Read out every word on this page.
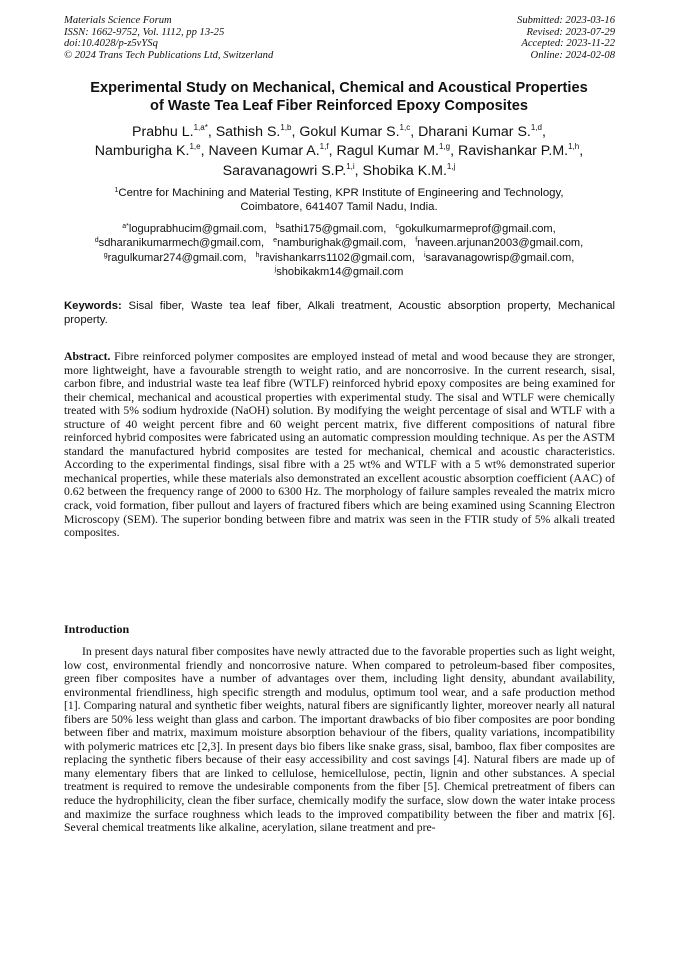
Materials Science Forum
ISSN: 1662-9752, Vol. 1112, pp 13-25
doi:10.4028/p-z5vYSq
© 2024 Trans Tech Publications Ltd, Switzerland
Submitted: 2023-03-16
Revised: 2023-07-29
Accepted: 2023-11-22
Online: 2024-02-08
Experimental Study on Mechanical, Chemical and Acoustical Properties
of Waste Tea Leaf Fiber Reinforced Epoxy Composites
Prabhu L.$^{1,a*}$, Sathish S.$^{1,b}$, Gokul Kumar S.$^{1,c}$, Dharani Kumar S.$^{1,d}$,
Namburigha K.$^{1,e}$, Naveen Kumar A.$^{1,f}$, Ragul Kumar M.$^{1,g}$, Ravishankar P.M.$^{1,h}$,
Saravanagowri S.P.$^{1,i}$, Shobika K.M.$^{1,j}$
$^1$Centre for Machining and Material Testing, KPR Institute of Engineering and Technology,
Coimbatore, 641407 Tamil Nadu, India.
$^{a*}$loguprabhucim@gmail.com, $^b$sathi175@gmail.com, $^c$gokulkumarmeprof@gmail.com,
$^d$sdharanikumarmech@gmail.com, $^e$namburighak@gmail.com, $^f$naveen.arjunan2003@gmail.com,
$^g$ragulkumar274@gmail.com, $^h$ravishankarrs1102@gmail.com, $^i$saravanagowrisp@gmail.com,
$^j$shobikakm14@gmail.com
Keywords: Sisal fiber, Waste tea leaf fiber, Alkali treatment, Acoustic absorption property, Mechanical property.
Abstract. Fibre reinforced polymer composites are employed instead of metal and wood because they are stronger, more lightweight, have a favourable strength to weight ratio, and are noncorrosive. In the current research, sisal, carbon fibre, and industrial waste tea leaf fibre (WTLF) reinforced hybrid epoxy composites are being examined for their chemical, mechanical and acoustical properties with experimental study. The sisal and WTLF were chemically treated with 5% sodium hydroxide (NaOH) solution. By modifying the weight percentage of sisal and WTLF with a structure of 40 weight percent fibre and 60 weight percent matrix, five different compositions of natural fibre reinforced hybrid composites were fabricated using an automatic compression moulding technique. As per the ASTM standard the manufactured hybrid composites are tested for mechanical, chemical and acoustic characteristics. According to the experimental findings, sisal fibre with a 25 wt% and WTLF with a 5 wt% demonstrated superior mechanical properties, while these materials also demonstrated an excellent acoustic absorption coefficient (AAC) of 0.62 between the frequency range of 2000 to 6300 Hz. The morphology of failure samples revealed the matrix micro crack, void formation, fiber pullout and layers of fractured fibers which are being examined using Scanning Electron Microscopy (SEM). The superior bonding between fibre and matrix was seen in the FTIR study of 5% alkali treated composites.
Introduction
In present days natural fiber composites have newly attracted due to the favorable properties such as light weight, low cost, environmental friendly and noncorrosive nature. When compared to petroleum-based fiber composites, green fiber composites have a number of advantages over them, including light density, abundant availability, environmental friendliness, high specific strength and modulus, optimum tool wear, and a safe production method [1]. Comparing natural and synthetic fiber weights, natural fibers are significantly lighter, moreover nearly all natural fibers are 50% less weight than glass and carbon. The important drawbacks of bio fiber composites are poor bonding between fiber and matrix, maximum moisture absorption behaviour of the fibers, quality variations, incompatibility with polymeric matrices etc [2,3]. In present days bio fibers like snake grass, sisal, bamboo, flax fiber composites are replacing the synthetic fibers because of their easy accessibility and cost savings [4]. Natural fibers are made up of many elementary fibers that are linked to cellulose, hemicellulose, pectin, lignin and other substances. A special treatment is required to remove the undesirable components from the fiber [5]. Chemical pretreatment of fibers can reduce the hydrophilicity, clean the fiber surface, chemically modify the surface, slow down the water intake process and maximize the surface roughness which leads to the improved compatibility between the fiber and matrix [6]. Several chemical treatments like alkaline, acerylation, silane treatment and pre-
